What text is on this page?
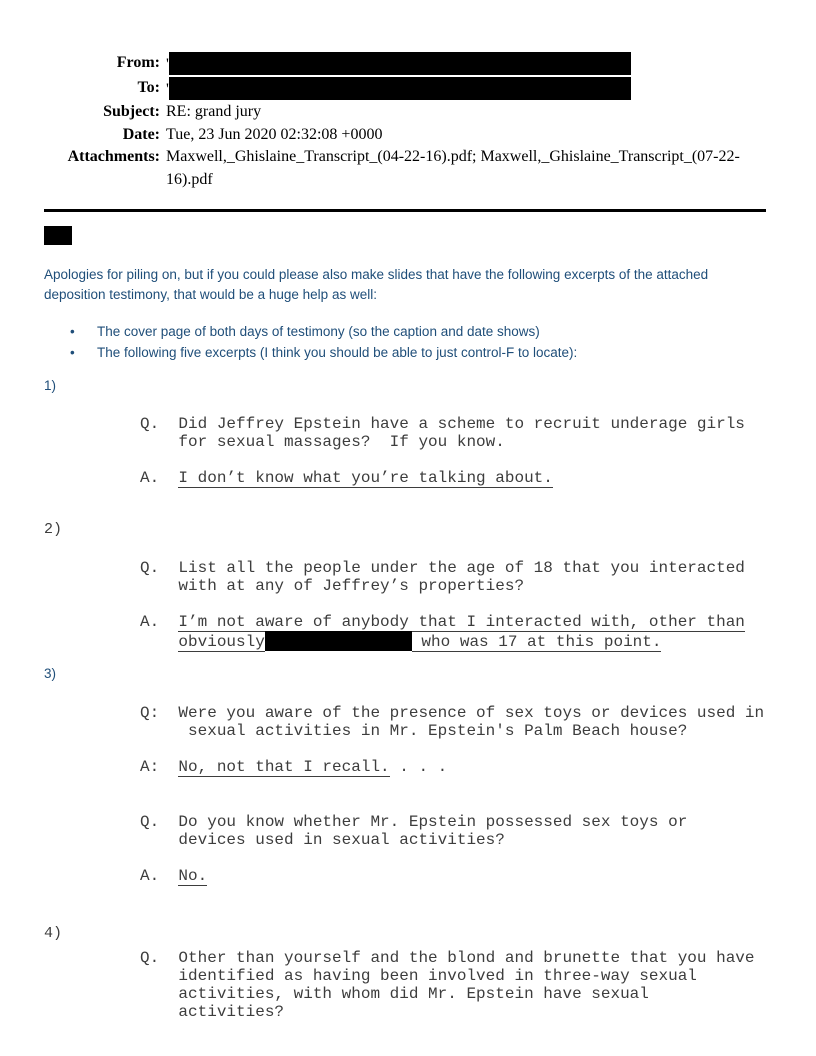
From: '
To: '
Subject: RE: grand jury
Date: Tue, 23 Jun 2020 02:32:08 +0000
Attachments: Maxwell,_Ghislaine_Transcript_(04-22-16).pdf; Maxwell,_Ghislaine_Transcript_(07-22-16).pdf
Apologies for piling on, but if you could please also make slides that have the following excerpts of the attached deposition testimony, that would be a huge help as well:
•	The cover page of both days of testimony (so the caption and date shows)
•	The following five excerpts (I think you should be able to just control-F to locate):
1)
Q.  Did Jeffrey Epstein have a scheme to recruit underage girls
for sexual massages?  If you know.
A.  I don’t know what you’re talking about.
2)
Q.  List all the people under the age of 18 that you interacted
with at any of Jeffrey’s properties?
A.  I’m not aware of anybody that I interacted with, other than
obviously	who was 17 at this point.
3)
Q:  Were you aware of the presence of sex toys or devices used in
sexual activities in Mr. Epstein's Palm Beach house?
A:  No, not that I recall. . . .
Q.  Do you know whether Mr. Epstein possessed sex toys or
devices used in sexual activities?
A.  No.
4)
Q.  Other than yourself and the blond and brunette that you have
identified as having been involved in three-way sexual
activities, with whom did Mr. Epstein have sexual
activities?
